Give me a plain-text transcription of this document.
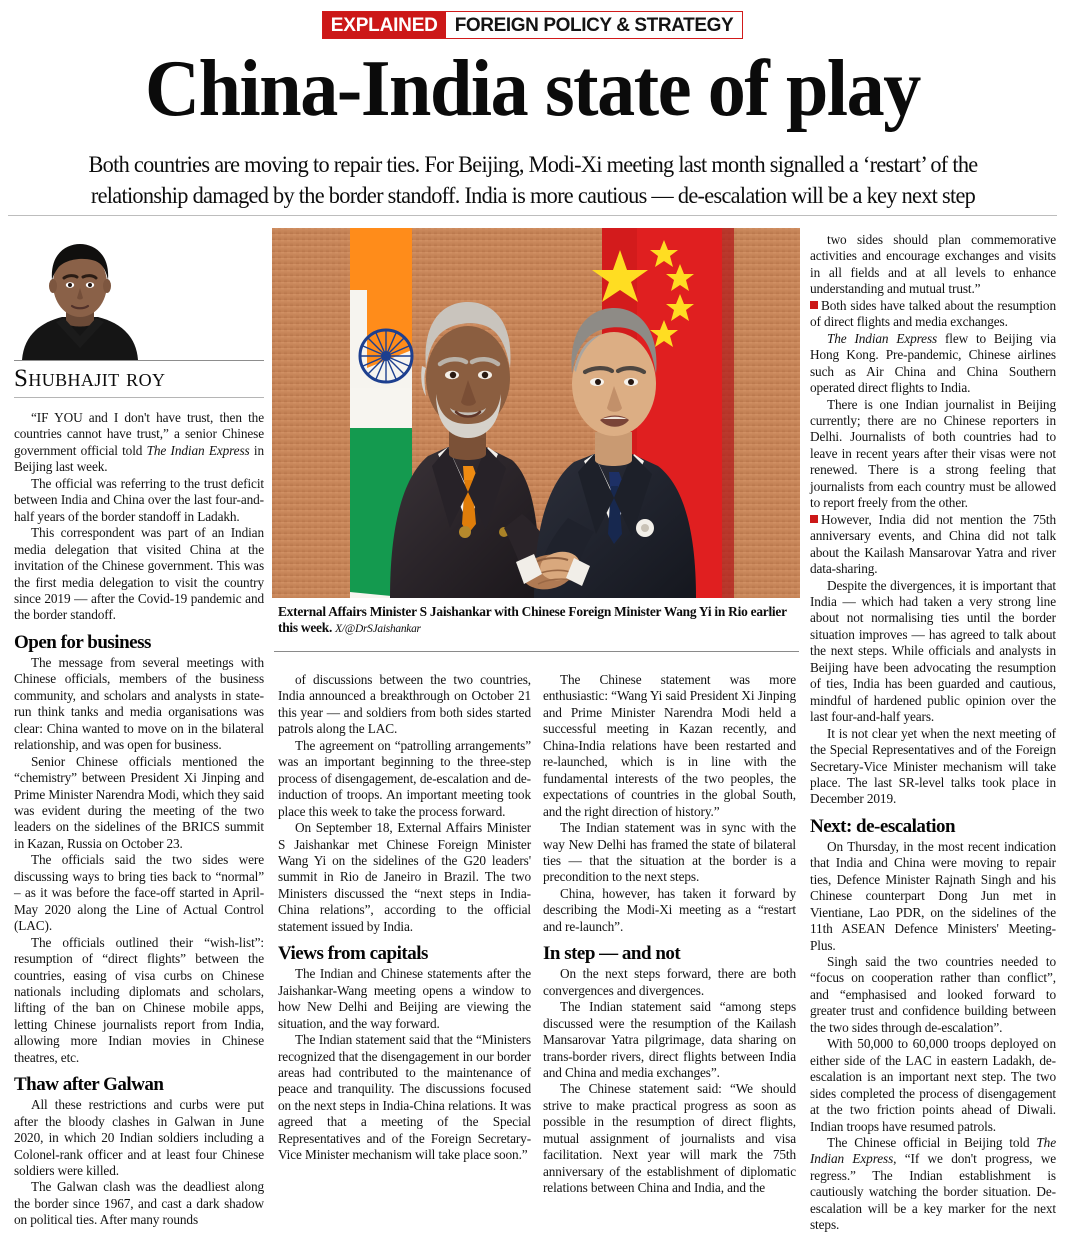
EXPLAINED FOREIGN POLICY & STRATEGY
China-India state of play
Both countries are moving to repair ties. For Beijing, Modi-Xi meeting last month signalled a ‘restart’ of the relationship damaged by the border standoff. India is more cautious — de-escalation will be a key next step
Shubhajit roy
External Affairs Minister S Jaishankar with Chinese Foreign Minister Wang Yi in Rio earlier this week. X/@DrSJaishankar

“IF YOU and I don't have trust, then the countries cannot have trust,” a senior Chinese government official told The Indian Express in Beijing last week.

The official was referring to the trust deficit between India and China over the last four-and-half years of the border standoff in Ladakh.

This correspondent was part of an Indian media delegation that visited China at the invitation of the Chinese government. This was the first media delegation to visit the country since 2019 — after the Covid-19 pandemic and the border standoff.

Open for business

The message from several meetings with Chinese officials, members of the business community, and scholars and analysts in state-run think tanks and media organisations was clear: China wanted to move on in the bilateral relationship, and was open for business.

Senior Chinese officials mentioned the “chemistry” between President Xi Jinping and Prime Minister Narendra Modi, which they said was evident during the meeting of the two leaders on the sidelines of the BRICS summit in Kazan, Russia on October 23.

The officials said the two sides were discussing ways to bring ties back to “normal” – as it was before the face-off started in April-May 2020 along the Line of Actual Control (LAC).

The officials outlined their “wish-list”: resumption of “direct flights” between the countries, easing of visa curbs on Chinese nationals including diplomats and scholars, lifting of the ban on Chinese mobile apps, letting Chinese journalists report from India, allowing more Indian movies in Chinese theatres, etc.

Thaw after Galwan

All these restrictions and curbs were put after the bloody clashes in Galwan in June 2020, in which 20 Indian soldiers including a Colonel-rank officer and at least four Chinese soldiers were killed.

The Galwan clash was the deadliest along the border since 1967, and cast a dark shadow on political ties. After many rounds

of discussions between the two countries, India announced a breakthrough on October 21 this year — and soldiers from both sides started patrols along the LAC.

The agreement on “patrolling arrangements” was an important beginning to the three-step process of disengagement, de-escalation and de-induction of troops. An important meeting took place this week to take the process forward.

On September 18, External Affairs Minister S Jaishankar met Chinese Foreign Minister Wang Yi on the sidelines of the G20 leaders' summit in Rio de Janeiro in Brazil. The two Ministers discussed the “next steps in India-China relations”, according to the official statement issued by India.

Views from capitals

The Indian and Chinese statements after the Jaishankar-Wang meeting opens a window to how New Delhi and Beijing are viewing the situation, and the way forward.

The Indian statement said that the “Ministers recognized that the disengagement in our border areas had contributed to the maintenance of peace and tranquility. The discussions focused on the next steps in India-China relations. It was agreed that a meeting of the Special Representatives and of the Foreign Secretary-Vice Minister mechanism will take place soon.”

The Chinese statement was more enthusiastic: “Wang Yi said President Xi Jinping and Prime Minister Narendra Modi held a successful meeting in Kazan recently, and China-India relations have been restarted and re-launched, which is in line with the fundamental interests of the two peoples, the expectations of countries in the global South, and the right direction of history.”

The Indian statement was in sync with the way New Delhi has framed the state of bilateral ties — that the situation at the border is a precondition to the next steps.

China, however, has taken it forward by describing the Modi-Xi meeting as a “restart and re-launch”.

In step — and not

On the next steps forward, there are both convergences and divergences.

The Indian statement said “among steps discussed were the resumption of the Kailash Mansarovar Yatra pilgrimage, data sharing on trans-border rivers, direct flights between India and China and media exchanges”.

The Chinese statement said: “We should strive to make practical progress as soon as possible in the resumption of direct flights, mutual assignment of journalists and visa facilitation. Next year will mark the 75th anniversary of the establishment of diplomatic relations between China and India, and the

two sides should plan commemorative activities and encourage exchanges and visits in all fields and at all levels to enhance understanding and mutual trust.”

Both sides have talked about the resumption of direct flights and media exchanges.

The Indian Express flew to Beijing via Hong Kong. Pre-pandemic, Chinese airlines such as Air China and China Southern operated direct flights to India.

There is one Indian journalist in Beijing currently; there are no Chinese reporters in Delhi. Journalists of both countries had to leave in recent years after their visas were not renewed. There is a strong feeling that journalists from each country must be allowed to report freely from the other.

However, India did not mention the 75th anniversary events, and China did not talk about the Kailash Mansarovar Yatra and river data-sharing.

Despite the divergences, it is important that India — which had taken a very strong line about not normalising ties until the border situation improves — has agreed to talk about the next steps. While officials and analysts in Beijing have been advocating the resumption of ties, India has been guarded and cautious, mindful of hardened public opinion over the last four-and-half years.

It is not clear yet when the next meeting of the Special Representatives and of the Foreign Secretary-Vice Minister mechanism will take place. The last SR-level talks took place in December 2019.

Next: de-escalation

On Thursday, in the most recent indication that India and China were moving to repair ties, Defence Minister Rajnath Singh and his Chinese counterpart Dong Jun met in Vientiane, Lao PDR, on the sidelines of the 11th ASEAN Defence Ministers' Meeting-Plus.

Singh said the two countries needed to “focus on cooperation rather than conflict”, and “emphasised and looked forward to greater trust and confidence building between the two sides through de-escalation”.

With 50,000 to 60,000 troops deployed on either side of the LAC in eastern Ladakh, de-escalation is an important next step. The two sides completed the process of disengagement at the two friction points ahead of Diwali. Indian troops have resumed patrols.

The Chinese official in Beijing told The Indian Express, “If we don't progress, we regress.” The Indian establishment is cautiously watching the border situation. De-escalation will be a key marker for the next steps.
